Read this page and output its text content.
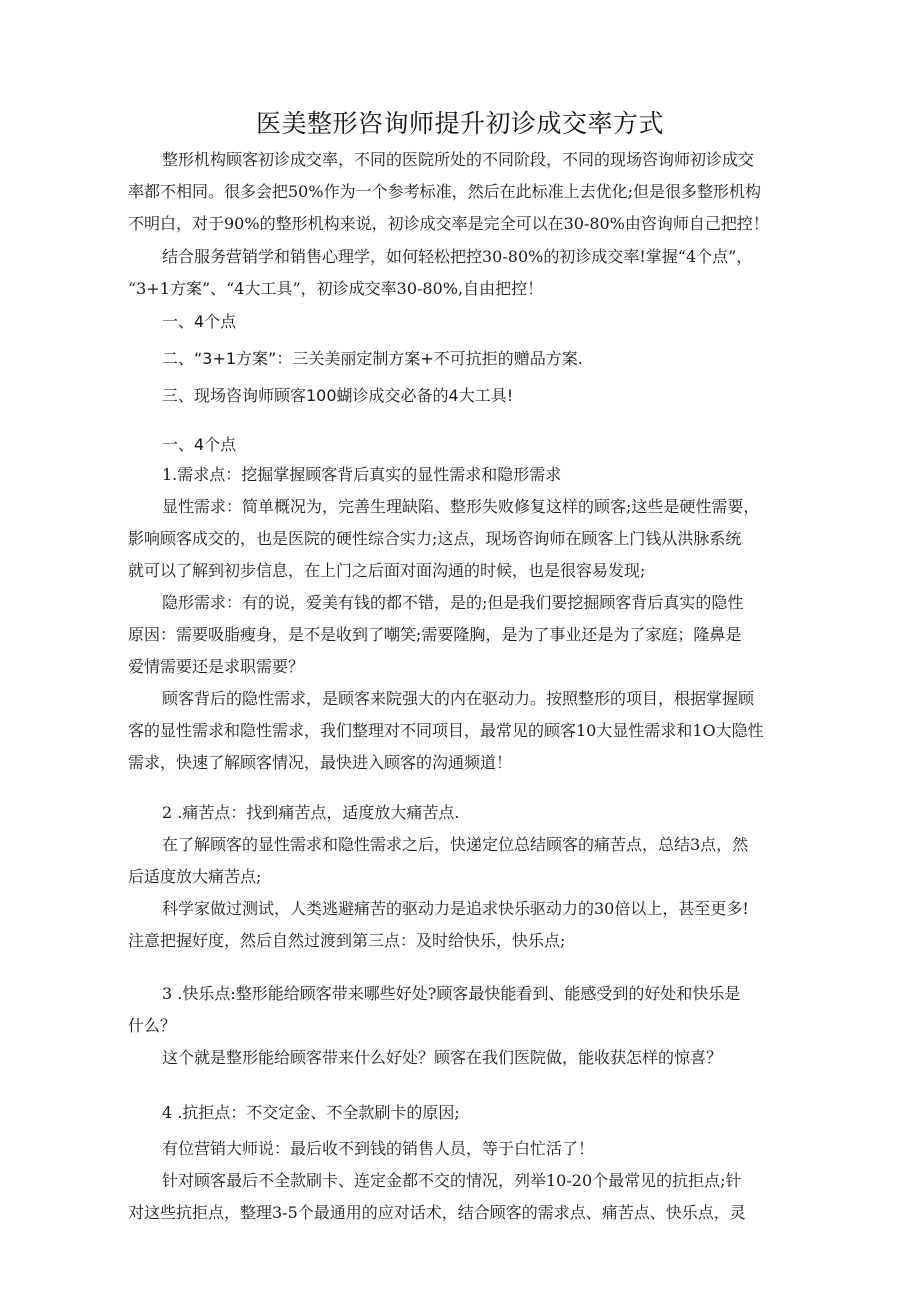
医美整形咨询师提升初诊成交率方式
整形机构顾客初诊成交率，不同的医院所处的不同阶段，不同的现场咨询师初诊成交
率都不相同。很多会把50%作为一个参考标准，然后在此标准上去优化;但是很多整形机构
不明白，对于90%的整形机构来说，初诊成交率是完全可以在30-80%由咨询师自己把控！
结合服务营销学和销售心理学，如何轻松把控30-80%的初诊成交率!掌握“4个点”，
“3+1方案”、“4大工具”，初诊成交率30-80%,自由把控！
一、4个点
二、“3+1方案”：三关美丽定制方案+不可抗拒的赠品方案.
三、现场咨询师顾客100蝴诊成交必备的4大工具!
一、4个点
1.需求点：挖掘掌握顾客背后真实的显性需求和隐形需求
显性需求：简单概况为，完善生理缺陷、整形失败修复这样的顾客;这些是硬性需要，
影响顾客成交的，也是医院的硬性综合实力;这点，现场咨询师在顾客上门钱从洪脉系统
就可以了解到初步信息，在上门之后面对面沟通的时候，也是很容易发现;
隐形需求：有的说，爱美有钱的都不错，是的;但是我们要挖掘顾客背后真实的隐性
原因：需要吸脂瘦身，是不是收到了嘲笑;需要隆胸，是为了事业还是为了家庭；隆鼻是
爱情需要还是求职需要？
顾客背后的隐性需求，是顾客来院强大的内在驱动力。按照整形的项目，根据掌握顾
客的显性需求和隐性需求，我们整理对不同项目，最常见的顾客10大显性需求和1O大隐性
需求，快速了解顾客情况，最快进入顾客的沟通频道！
2 .痛苦点：找到痛苦点，适度放大痛苦点.
在了解顾客的显性需求和隐性需求之后，快递定位总结顾客的痛苦点，总结3点，然
后适度放大痛苦点;
科学家做过测试，人类逃避痛苦的驱动力是追求快乐驱动力的30倍以上，甚至更多!
注意把握好度，然后自然过渡到第三点：及时给快乐，快乐点;
3 .快乐点:整形能给顾客带来哪些好处?顾客最快能看到、能感受到的好处和快乐是
什么？
这个就是整形能给顾客带来什么好处？顾客在我们医院做，能收获怎样的惊喜？
4 .抗拒点：不交定金、不全款刷卡的原因;
有位营销大师说：最后收不到钱的销售人员，等于白忙活了！
针对顾客最后不全款刷卡、连定金都不交的情况，列举10-20个最常见的抗拒点;针
对这些抗拒点，整理3-5个最通用的应对话术，结合顾客的需求点、痛苦点、快乐点，灵
